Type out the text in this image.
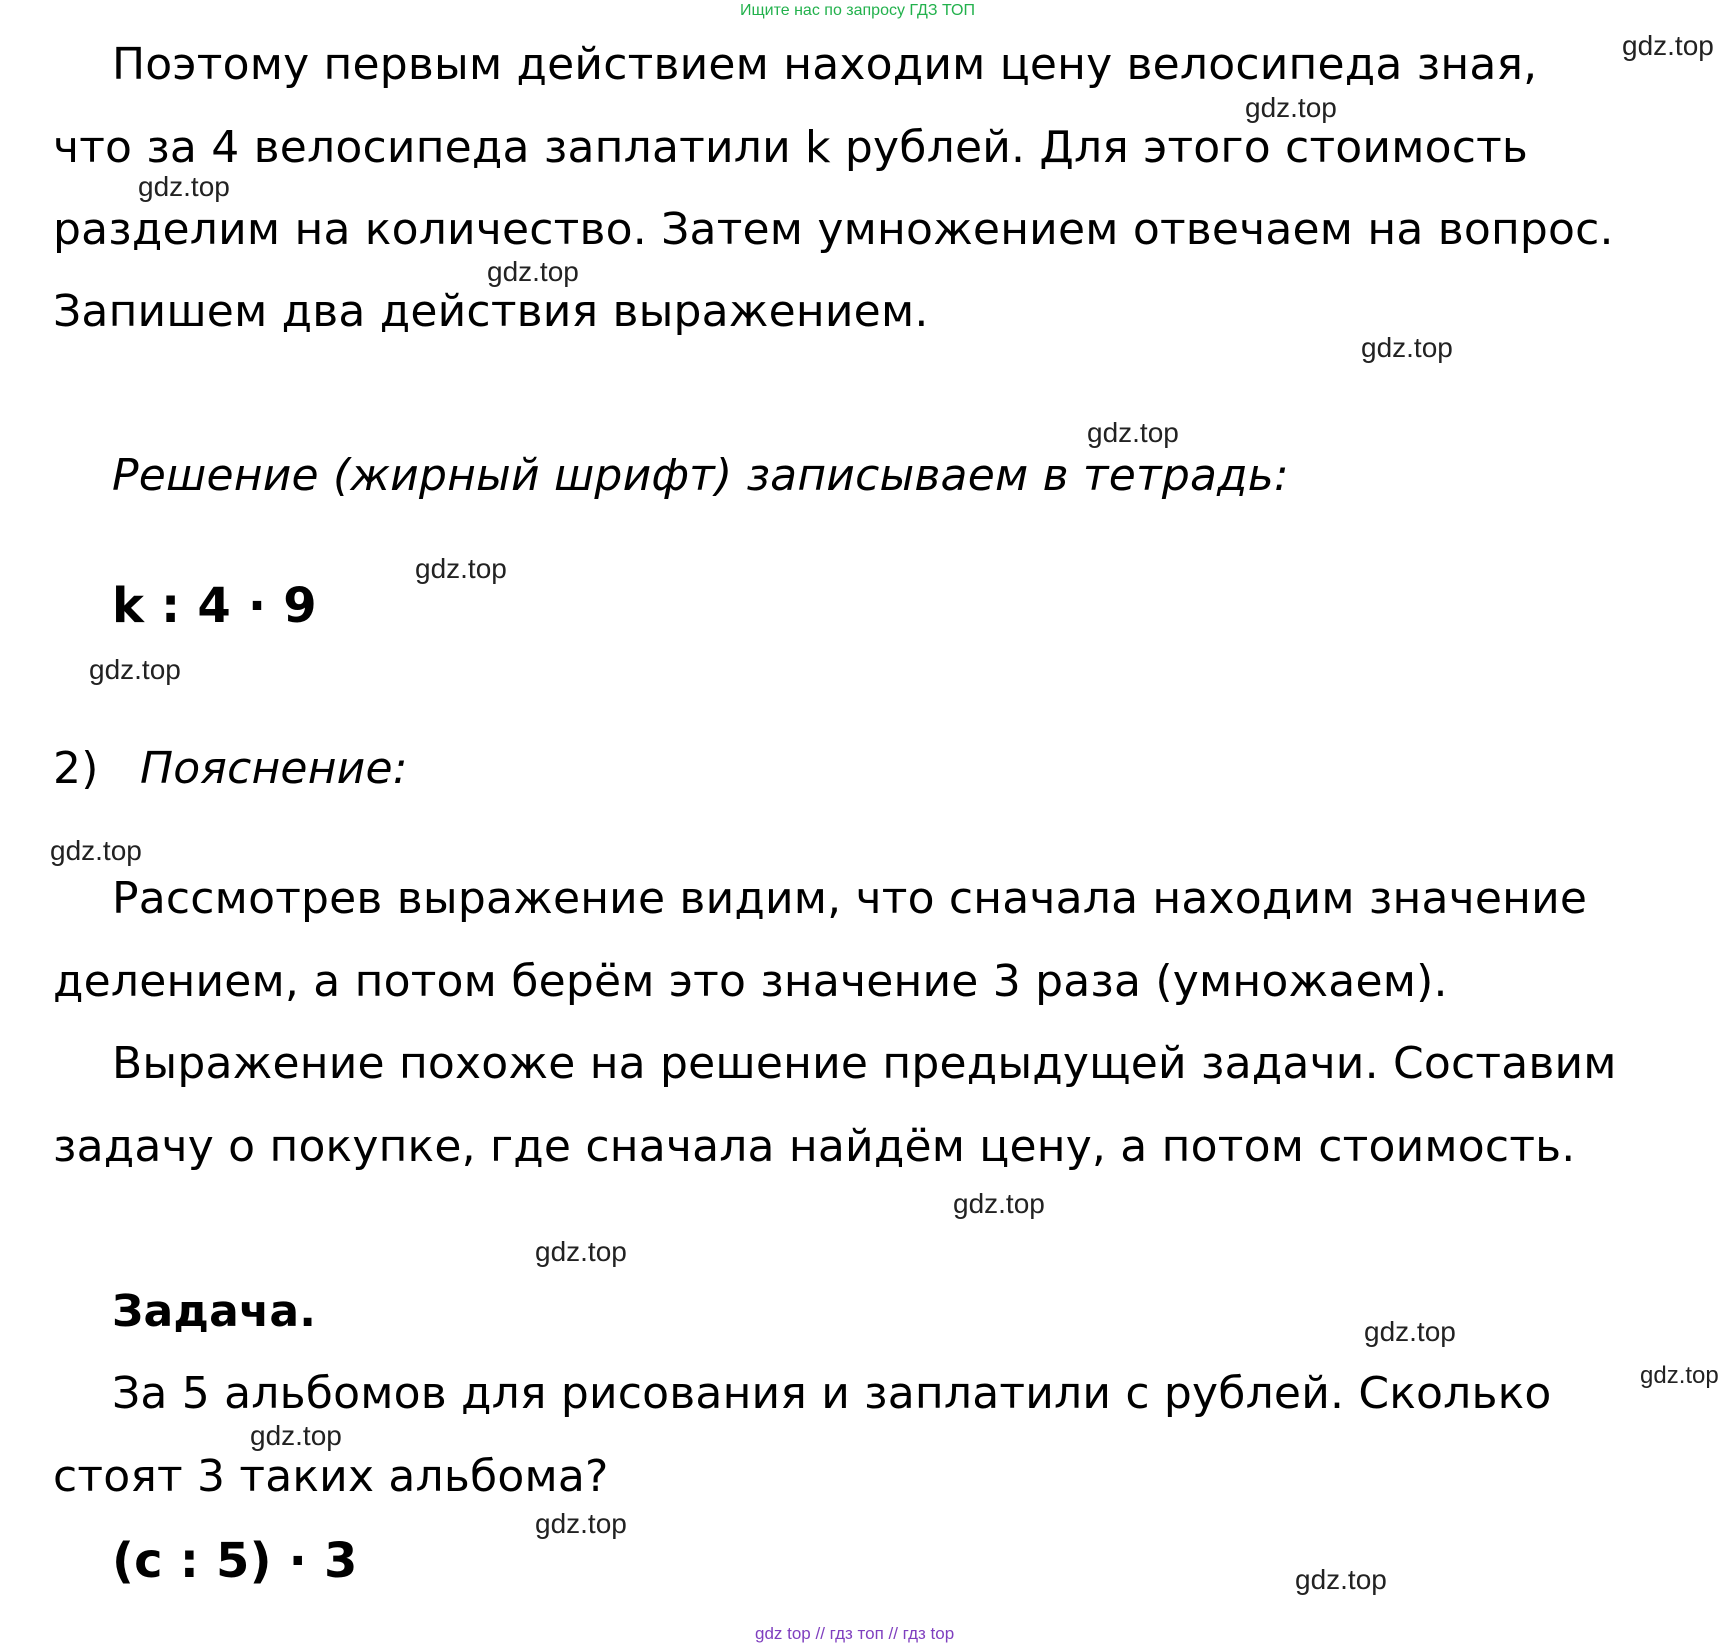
Ищите нас по запросу ГДЗ ТОП
Поэтому первым действием находим цену велосипеда зная,
что за 4 велосипеда заплатили k рублей. Для этого стоимость
разделим на количество. Затем умножением отвечаем на вопрос.
Запишем два действия выражением.
Решение (жирный шрифт) записываем в тетрадь:
k : 4 · 9
2) Пояснение:
Рассмотрев выражение видим, что сначала находим значение
делением, а потом берём это значение 3 раза (умножаем).
Выражение похоже на решение предыдущей задачи. Составим
задачу о покупке, где сначала найдём цену, а потом стоимость.
Задача.
За 5 альбомов для рисования и заплатили с рублей. Сколько
стоят 3 таких альбома?
(с : 5) · 3
gdz.top
gdz.top
gdz.top
gdz.top
gdz.top
gdz.top
gdz.top
gdz.top
gdz.top
gdz.top
gdz.top
gdz.top
gdz.top
gdz.top
gdz.top
gdz.top
gdz top // гдз топ // гдз top
